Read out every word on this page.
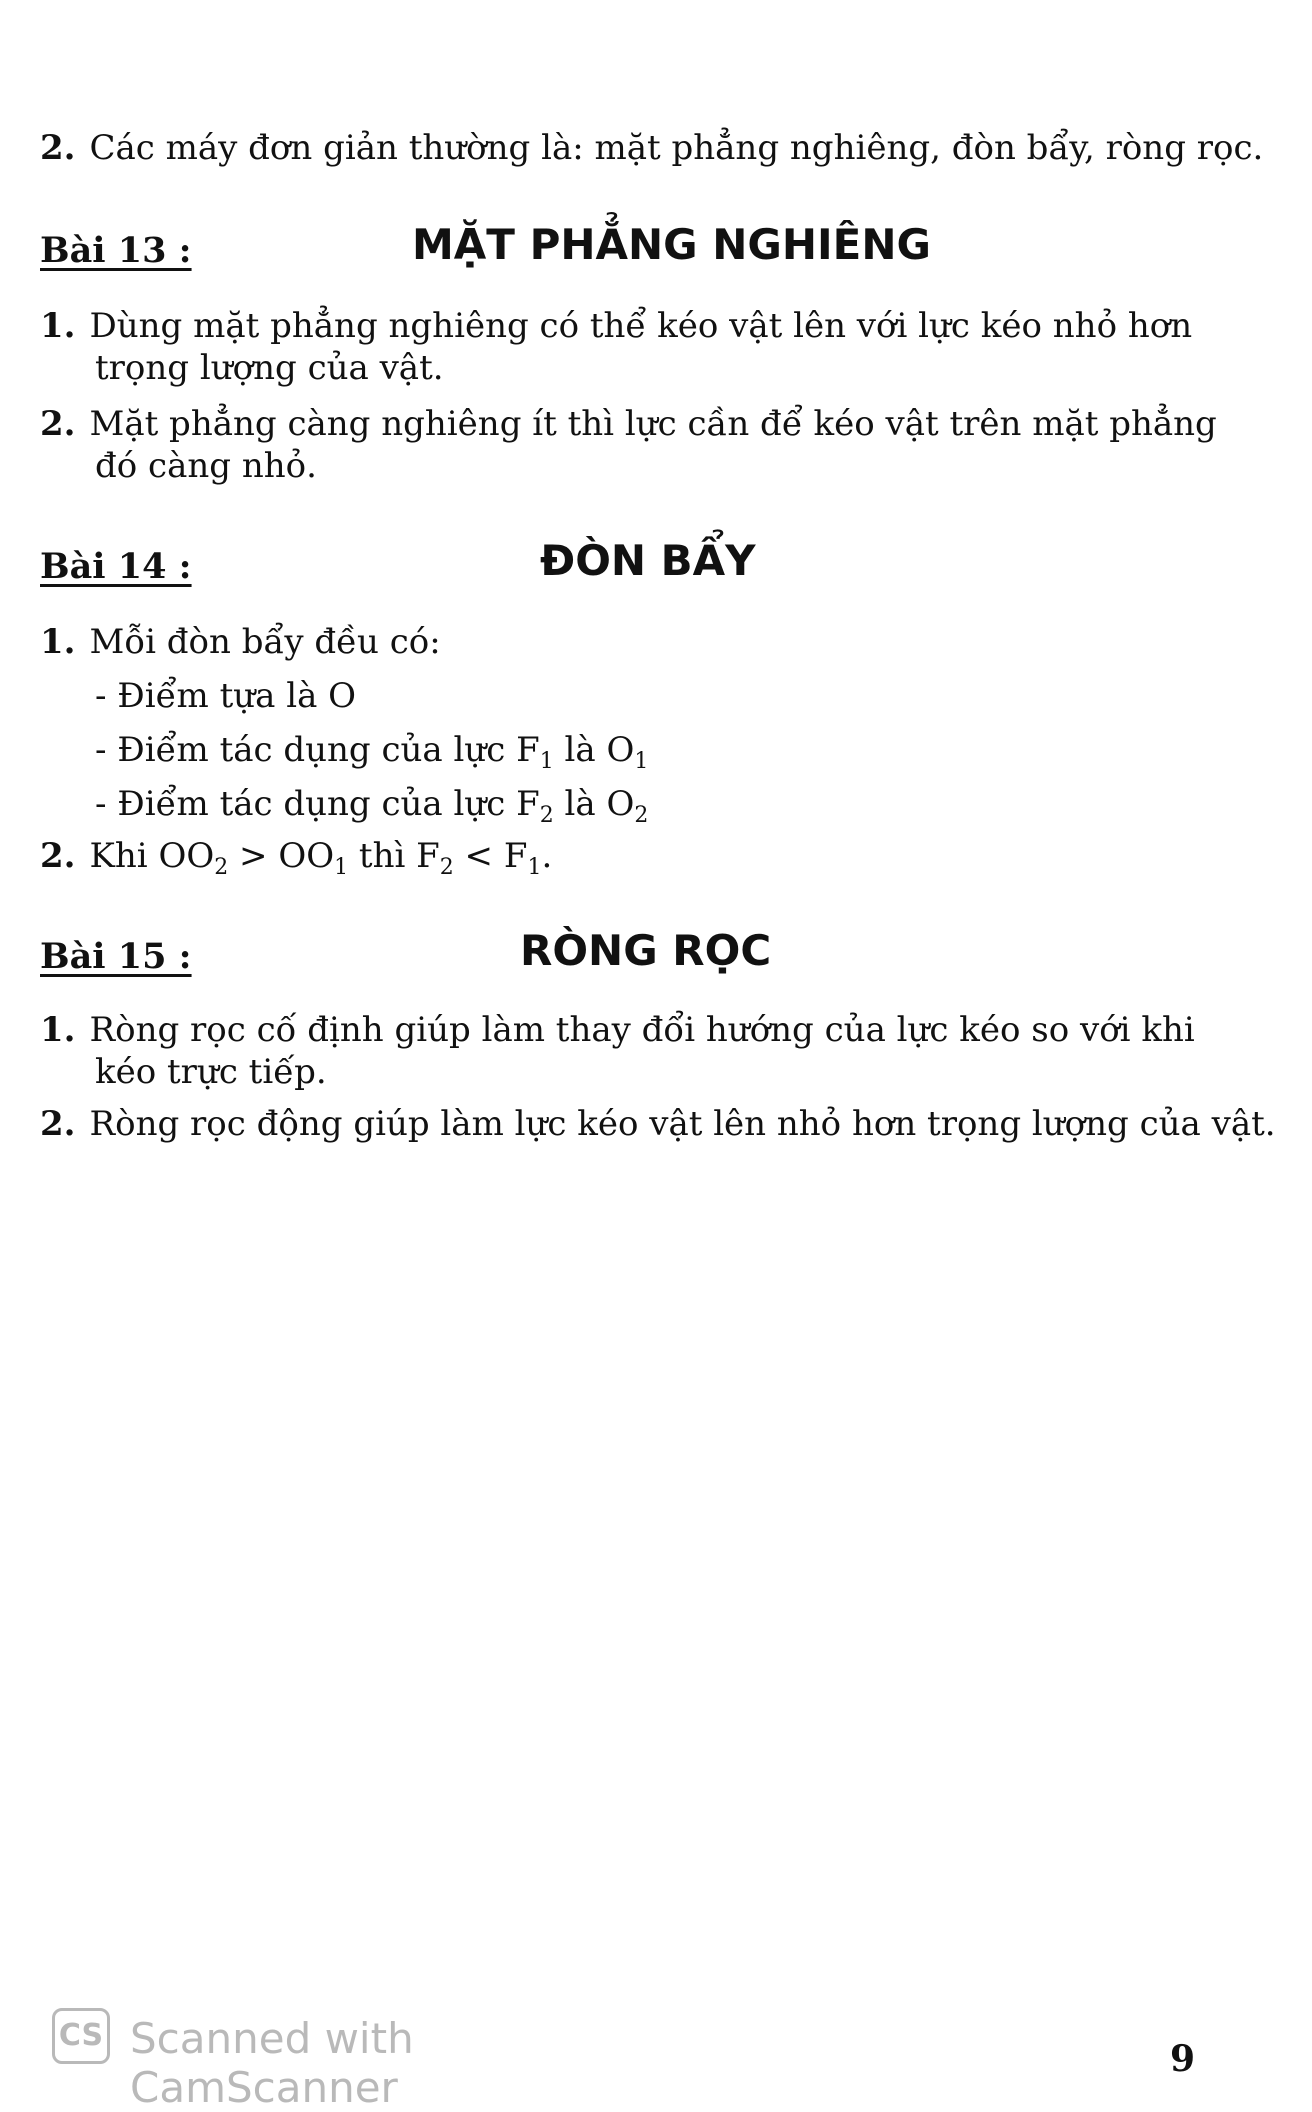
2. Các máy đơn giản thường là: mặt phẳng nghiêng, đòn bẩy, ròng rọc.
Bài 13 :	MẶT PHẲNG NGHIÊNG
1. Dùng mặt phẳng nghiêng có thể kéo vật lên với lực kéo nhỏ hơn
trọng lượng của vật.
2. Mặt phẳng càng nghiêng ít thì lực cần để kéo vật trên mặt phẳng
đó càng nhỏ.
Bài 14 :	ĐÒN BẨY
1. Mỗi đòn bẩy đều có:
- Điểm tựa là O
- Điểm tác dụng của lực $F_1$ là $O_1$
- Điểm tác dụng của lực $F_2$ là $O_2$
2. Khi $OO_2 > OO_1$ thì $F_2 < F_1$.
Bài 15 :	RÒNG RỌC
1. Ròng rọc cố định giúp làm thay đổi hướng của lực kéo so với khi
kéo trực tiếp.
2. Ròng rọc động giúp làm lực kéo vật lên nhỏ hơn trọng lượng của vật.
CS Scanned with CamScanner
9
